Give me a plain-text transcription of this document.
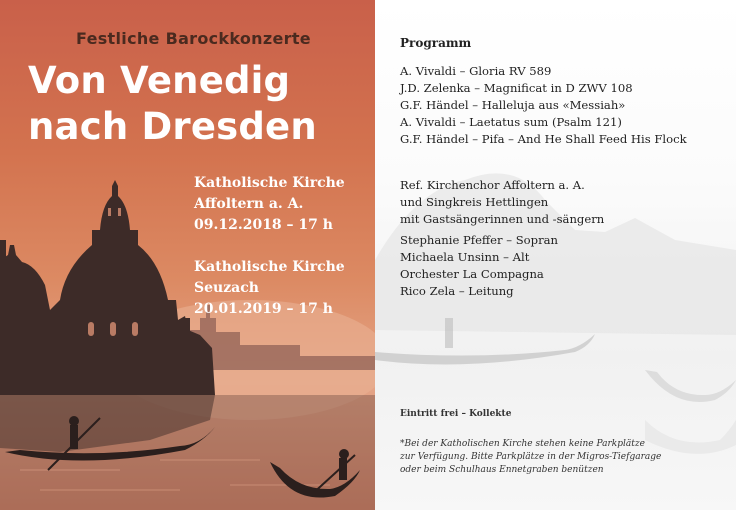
Festliche Barockkonzerte
Von Venedig
nach Dresden
Katholische Kirche
Affoltern a. A.
09.12.2018 – 17 h
Katholische Kirche
Seuzach
20.01.2019 – 17 h
Programm
A. Vivaldi – Gloria RV 589
J.D. Zelenka – Magnificat in D ZWV 108
G.F. Händel – Halleluja aus «Messiah»
A. Vivaldi – Laetatus sum (Psalm 121)
G.F. Händel – Pifa – And He Shall Feed His Flock
Ref. Kirchenchor Affoltern a. A.
und Singkreis Hettlingen
mit Gastsängerinnen und -sängern
Stephanie Pfeffer – Sopran
Michaela Unsinn – Alt
Orchester La Compagna
Rico Zela – Leitung
Eintritt frei – Kollekte
*Bei der Katholischen Kirche stehen keine Parkplätze
zur Verfügung. Bitte Parkplätze in der Migros-Tiefgarage
oder beim Schulhaus Ennetgraben benützen
